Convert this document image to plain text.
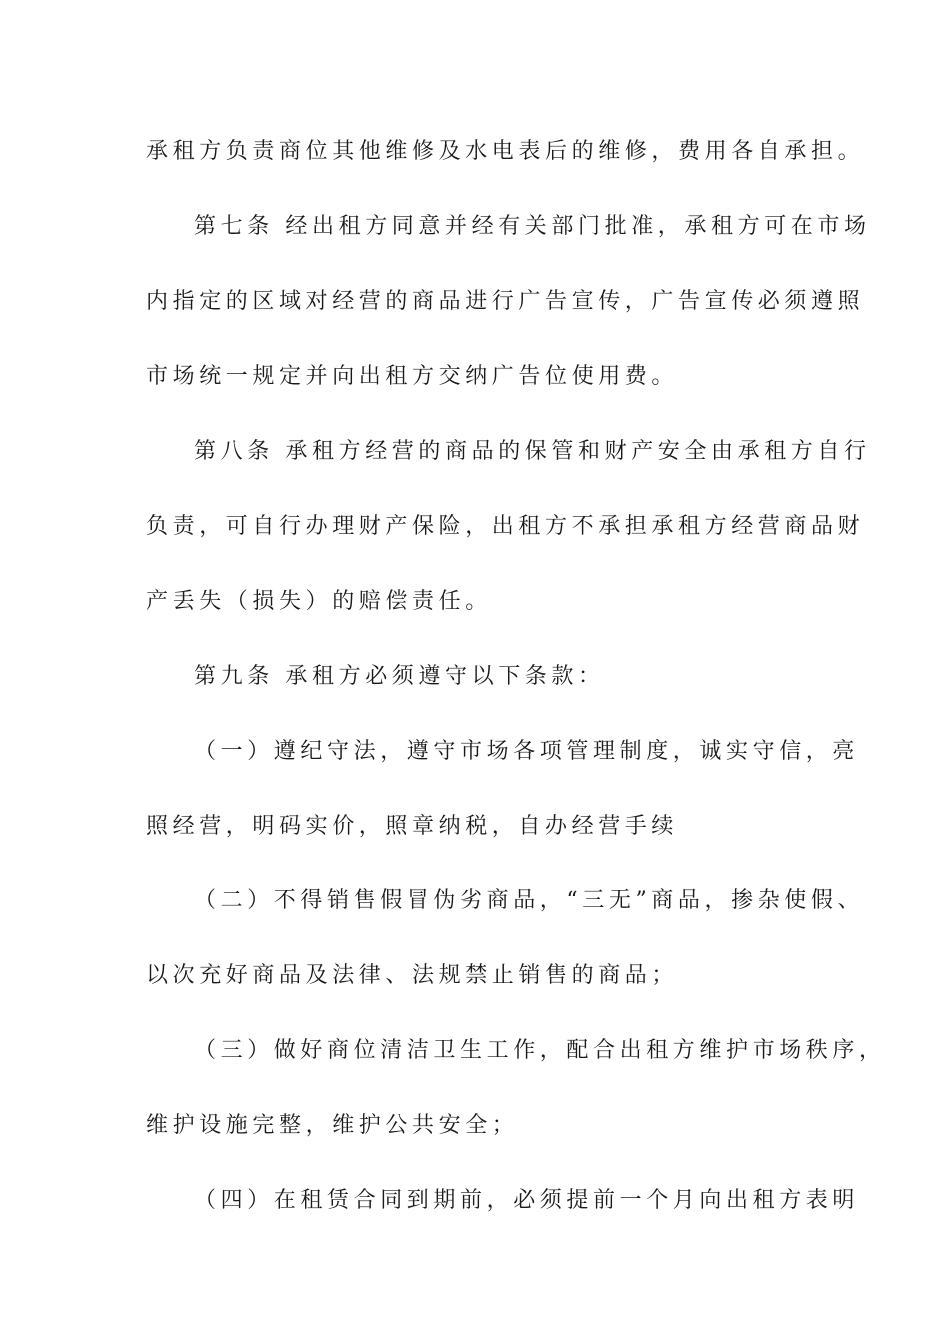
承租方负责商位其他维修及水电表后的维修，费用各自承担。
第七条 经出租方同意并经有关部门批准，承租方可在市场
内指定的区域对经营的商品进行广告宣传，广告宣传必须遵照
市场统一规定并向出租方交纳广告位使用费。
第八条 承租方经营的商品的保管和财产安全由承租方自行
负责，可自行办理财产保险，出租方不承担承租方经营商品财
产丢失（损失）的赔偿责任。
第九条 承租方必须遵守以下条款：
（一）遵纪守法，遵守市场各项管理制度，诚实守信，亮
照经营，明码实价，照章纳税，自办经营手续
（二）不得销售假冒伪劣商品，“三无”商品，掺杂使假、
以次充好商品及法律、法规禁止销售的商品；
（三）做好商位清洁卫生工作，配合出租方维护市场秩序，
维护设施完整，维护公共安全；
（四）在租赁合同到期前，必须提前一个月向出租方表明
